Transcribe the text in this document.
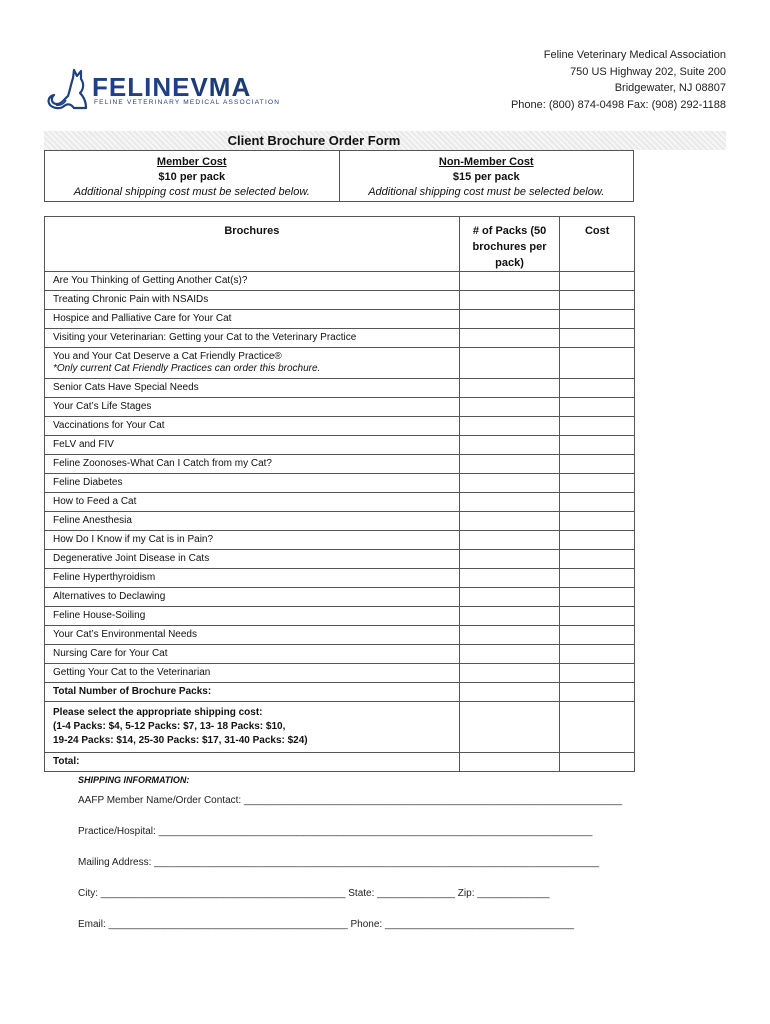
FELINEVMA
FELINE VETERINARY MEDICAL ASSOCIATION
Feline Veterinary Medical Association
750 US Highway 202, Suite 200
Bridgewater, NJ 08807
Phone: (800) 874-0498 Fax: (908) 292-1188
Client Brochure Order Form
Member Cost
$10 per pack
Additional shipping cost must be selected below.
Non-Member Cost
$15 per pack
Additional shipping cost must be selected below.
Brochures	# of Packs (50 brochures per pack)	Cost

Are You Thinking of Getting Another Cat(s)?		

Treating Chronic Pain with NSAIDs		

Hospice and Palliative Care for Your Cat		

Visiting your Veterinarian: Getting your Cat to the Veterinary Practice		

You and Your Cat Deserve a Cat Friendly Practice®
*Only current Cat Friendly Practices can order this brochure.		

Senior Cats Have Special Needs		

Your Cat’s Life Stages		

Vaccinations for Your Cat		

FeLV and FIV		

Feline Zoonoses-What Can I Catch from my Cat?		

Feline Diabetes		

How to Feed a Cat		

Feline Anesthesia		

How Do I Know if my Cat is in Pain?		

Degenerative Joint Disease in Cats		

Feline Hyperthyroidism		

Alternatives to Declawing		

Feline House-Soiling		

Your Cat’s Environmental Needs		

Nursing Care for Your Cat		

Getting Your Cat to the Veterinarian		

Total Number of Brochure Packs:		

Please select the appropriate shipping cost:
(1-4 Packs: $4, 5-12 Packs: $7, 13- 18 Packs: $10,
19-24 Packs: $14, 25-30 Packs: $17, 31-40 Packs: $24)		

Total:		
SHIPPING INFORMATION:
AAFP Member Name/Order Contact: ____________________________________________________________________
Practice/Hospital: ______________________________________________________________________________
Mailing Address: ________________________________________________________________________________
City: ____________________________________________ State: ______________ Zip: _____________
Email: ___________________________________________ Phone: __________________________________
